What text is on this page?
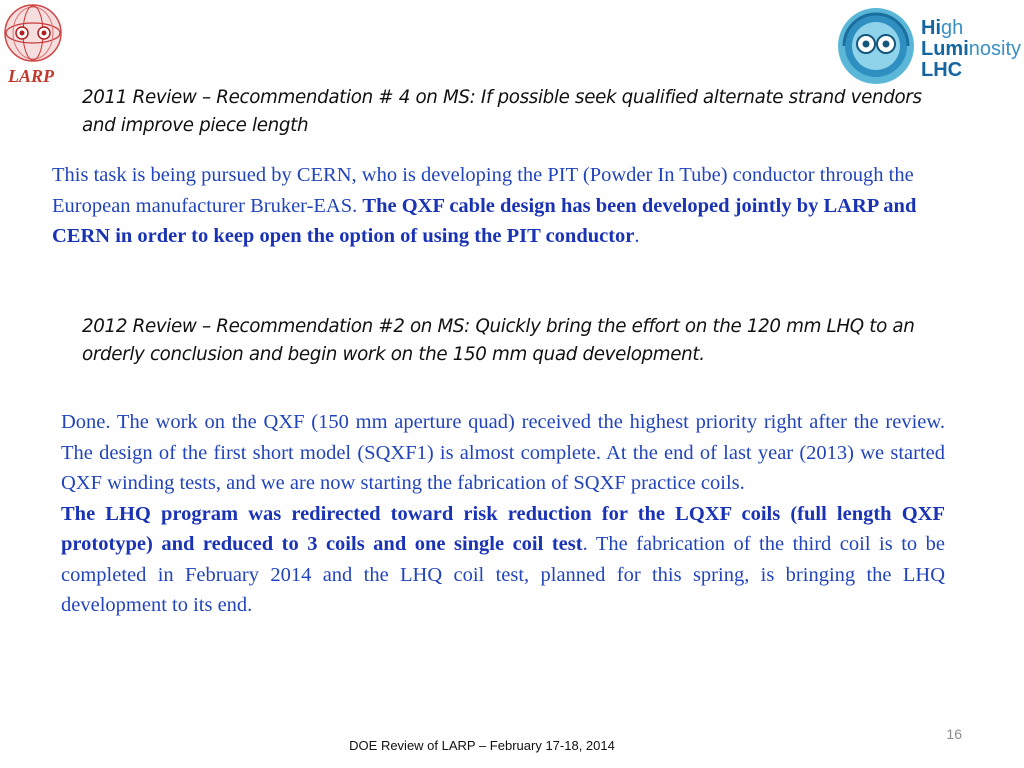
LARP
High
Luminosity
LHC
2011 Review – Recommendation # 4 on MS: If possible seek qualified alternate strand vendors and improve piece length
This task is being pursued by CERN, who is developing the PIT (Powder In Tube) conductor through the European manufacturer Bruker-EAS. The QXF cable design has been developed jointly by LARP and CERN in order to keep open the option of using the PIT conductor.
2012 Review – Recommendation #2 on MS: Quickly bring the effort on the 120 mm LHQ to an orderly conclusion and begin work on the 150 mm quad development.

Done. The work on the QXF (150 mm aperture quad) received the highest priority right after the review. The design of the first short model (SQXF1) is almost complete. At the end of last year (2013) we started QXF winding tests, and we are now starting the fabrication of SQXF practice coils.

The LHQ program was redirected toward risk reduction for the LQXF coils (full length QXF prototype) and reduced to 3 coils and one single coil test. The fabrication of the third coil is to be completed in February 2014 and the LHQ coil test, planned for this spring, is bringing the LHQ development to its end.

16
DOE Review of LARP – February 17-18, 2014
